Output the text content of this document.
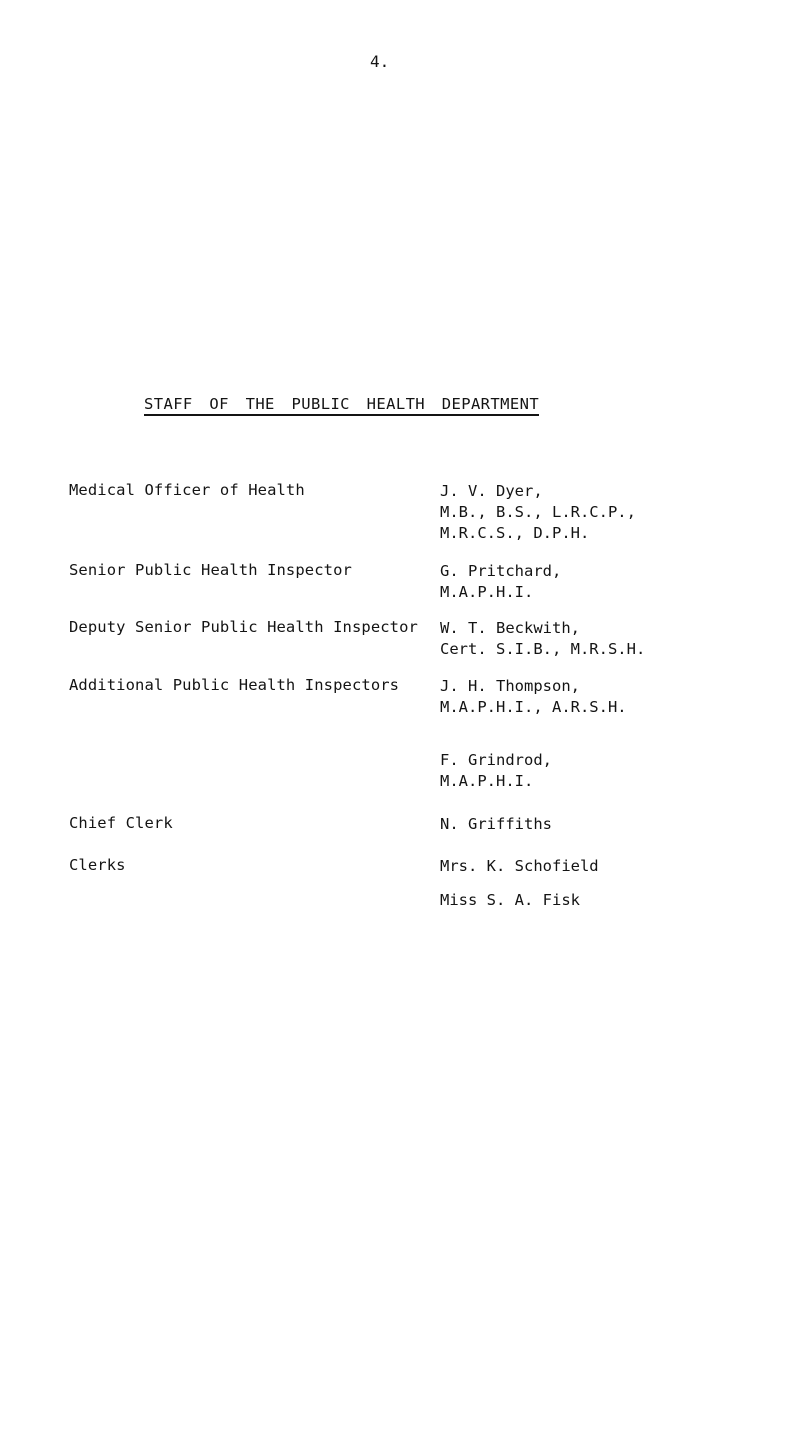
4.
STAFF OF THE PUBLIC HEALTH DEPARTMENT
Medical Officer of Health	J. V. Dyer,
M.B., B.S., L.R.C.P.,
M.R.C.S., D.P.H.
Senior Public Health Inspector	G. Pritchard,
M.A.P.H.I.
Deputy Senior Public Health Inspector W. T. Beckwith,
Cert. S.I.B., M.R.S.H.
Additional Public Health Inspectors	J. H. Thompson,
M.A.P.H.I., A.R.S.H.
F. Grindrod,
M.A.P.H.I.
Chief Clerk	N. Griffiths
Clerks	Mrs. K. Schofield
Miss S. A. Fisk
